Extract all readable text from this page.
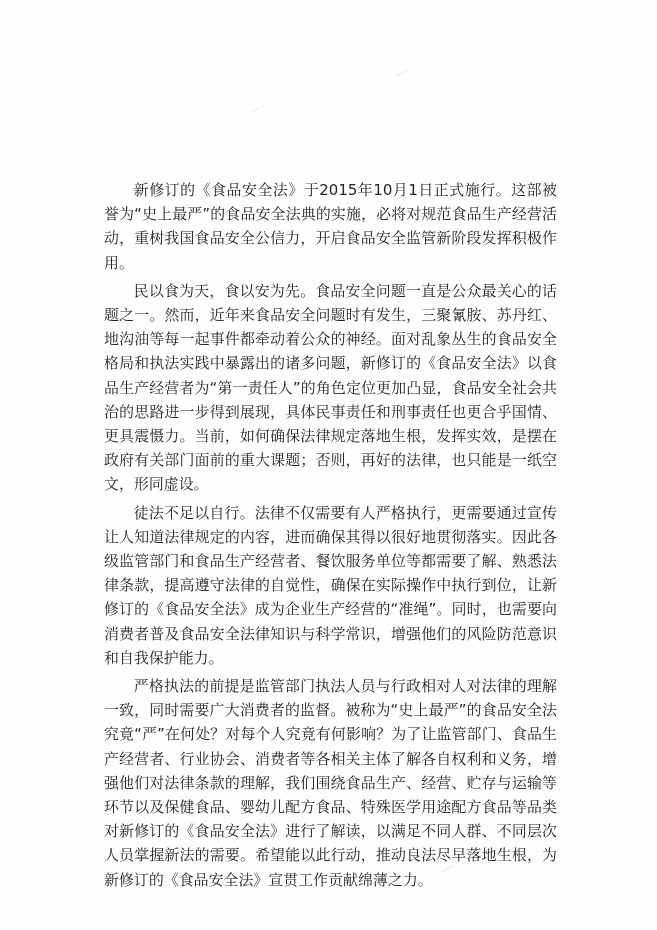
新修订的《食品安全法》于2015年10月1日正式施行。这部被誉为“史上最严”的食品安全法典的实施，必将对规范食品生产经营活动，重树我国食品安全公信力，开启食品安全监管新阶段发挥积极作用。

民以食为天，食以安为先。食品安全问题一直是公众最关心的话题之一。然而，近年来食品安全问题时有发生，三聚氰胺、苏丹红、地沟油等每一起事件都牵动着公众的神经。面对乱象丛生的食品安全格局和执法实践中暴露出的诸多问题，新修订的《食品安全法》以食品生产经营者为“第一责任人”的角色定位更加凸显，食品安全社会共治的思路进一步得到展现，具体民事责任和刑事责任也更合乎国情、更具震慑力。当前，如何确保法律规定落地生根，发挥实效，是摆在政府有关部门面前的重大课题；否则，再好的法律，也只能是一纸空文，形同虚设。

徒法不足以自行。法律不仅需要有人严格执行，更需要通过宣传让人知道法律规定的内容，进而确保其得以很好地贯彻落实。因此各级监管部门和食品生产经营者、餐饮服务单位等都需要了解、熟悉法律条款，提高遵守法律的自觉性，确保在实际操作中执行到位，让新修订的《食品安全法》成为企业生产经营的“准绳”。同时，也需要向消费者普及食品安全法律知识与科学常识，增强他们的风险防范意识和自我保护能力。

严格执法的前提是监管部门执法人员与行政相对人对法律的理解一致，同时需要广大消费者的监督。被称为“史上最严”的食品安全法究竟“严”在何处？对每个人究竟有何影响？为了让监管部门、食品生产经营者、行业协会、消费者等各相关主体了解各自权利和义务，增强他们对法律条款的理解，我们围绕食品生产、经营、贮存与运输等环节以及保健食品、婴幼儿配方食品、特殊医学用途配方食品等品类对新修订的《食品安全法》进行了解读，以满足不同人群、不同层次人员掌握新法的需要。希望能以此行动，推动良法尽早落地生根，为新修订的《食品安全法》宣贯工作贡献绵薄之力。
